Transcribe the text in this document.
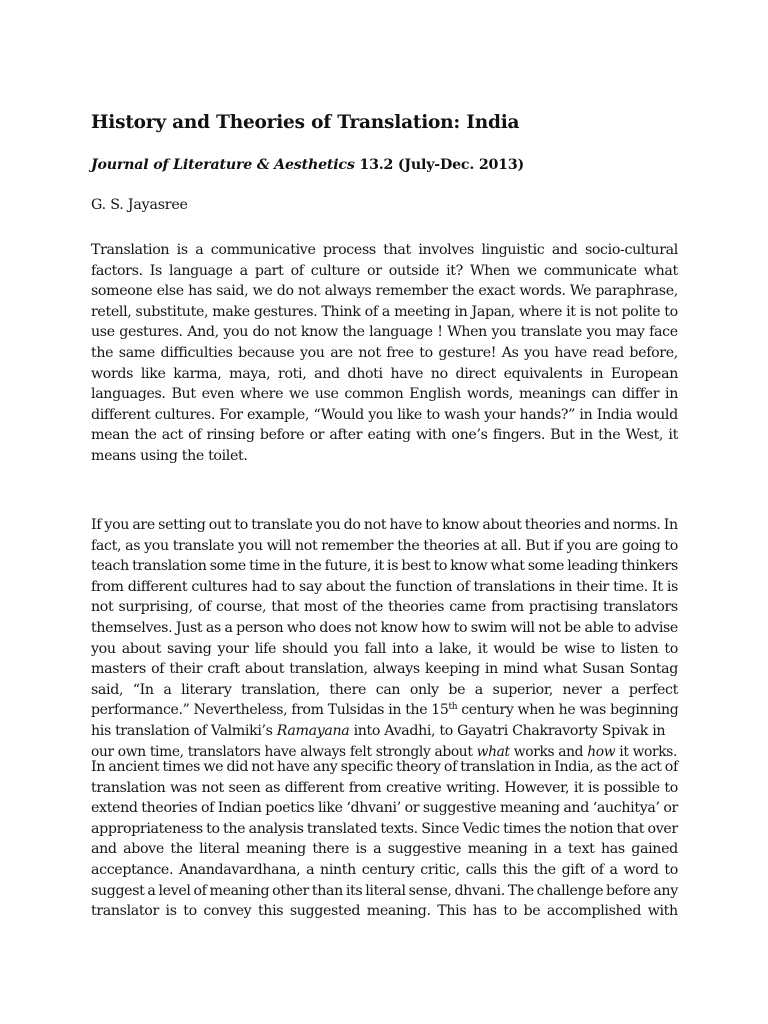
History and Theories of Translation: India
Journal of Literature & Aesthetics 13.2 (July-Dec. 2013)
G. S. Jayasree
Translation is a communicative process that involves linguistic and socio-cultural
factors. Is language a part of culture or outside it? When we communicate what
someone else has said, we do not always remember the exact words. We paraphrase,
retell, substitute, make gestures. Think of a meeting in Japan, where it is not polite to
use gestures. And, you do not know the language ! When you translate you may face
the same difficulties because you are not free to gesture! As you have read before,
words like karma, maya, roti, and dhoti have no direct equivalents in European
languages. But even where we use common English words, meanings can differ in
different cultures. For example, “Would you like to wash your hands?” in India would
mean the act of rinsing before or after eating with one’s fingers. But in the West, it
means using the toilet.
If you are setting out to translate you do not have to know about theories and norms. In
fact, as you translate you will not remember the theories at all. But if you are going to
teach translation some time in the future, it is best to know what some leading thinkers
from different cultures had to say about the function of translations in their time. It is
not surprising, of course, that most of the theories came from practising translators
themselves. Just as a person who does not know how to swim will not be able to advise
you about saving your life should you fall into a lake, it would be wise to listen to
masters of their craft about translation, always keeping in mind what Susan Sontag
said, “In a literary translation, there can only be a superior, never a perfect
performance.” Nevertheless, from Tulsidas in the 15th century when he was beginning
his translation of Valmiki’s Ramayana into Avadhi, to Gayatri Chakravorty Spivak in
our own time, translators have always felt strongly about what works and how it works.
In ancient times we did not have any specific theory of translation in India, as the act of
translation was not seen as different from creative writing. However, it is possible to
extend theories of Indian poetics like ‘dhvani’ or suggestive meaning and ‘auchitya’ or
appropriateness to the analysis translated texts. Since Vedic times the notion that over
and above the literal meaning there is a suggestive meaning in a text has gained
acceptance. Anandavardhana, a ninth century critic, calls this the gift of a word to
suggest a level of meaning other than its literal sense, dhvani. The challenge before any
translator is to convey this suggested meaning. This has to be accomplished with
